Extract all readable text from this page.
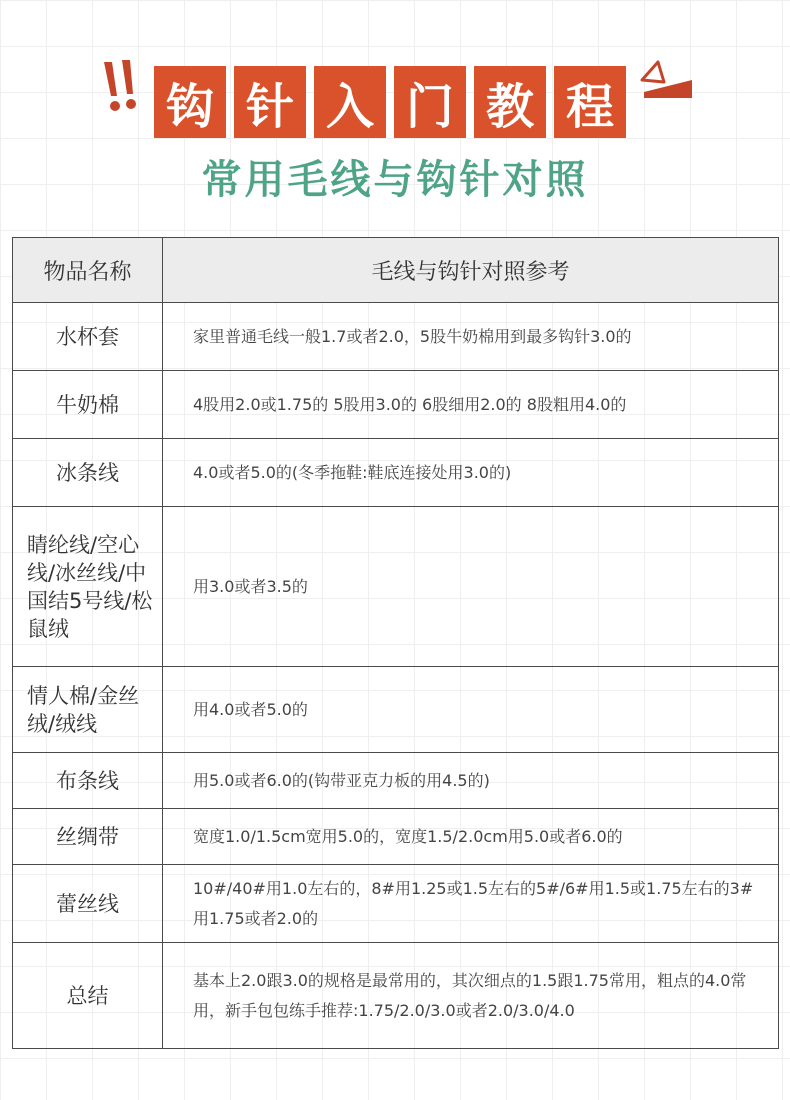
钩 针 入 门 教 程
常用毛线与钩针对照
物品名称	毛线与钩针对照参考
水杯套	家里普通毛线一般1.7或者2.0，5股牛奶棉用到最多钩针3.0的
牛奶棉	4股用2.0或1.75的 5股用3.0的 6股细用2.0的 8股粗用4.0的
冰条线	4.0或者5.0的(冬季拖鞋:鞋底连接处用3.0的)
睛纶线/空心线/冰丝线/中国结5号线/松鼠绒	用3.0或者3.5的
情人棉/金丝绒/绒线	用4.0或者5.0的
布条线	用5.0或者6.0的(钩带亚克力板的用4.5的)
丝绸带	宽度1.0/1.5cm宽用5.0的，宽度1.5/2.0cm用5.0或者6.0的
蕾丝线	10#/40#用1.0左右的，8#用1.25或1.5左右的5#/6#用1.5或1.75左右的3#用1.75或者2.0的
总结	基本上2.0跟3.0的规格是最常用的，其次细点的1.5跟1.75常用，粗点的4.0常用，新手包包练手推荐:1.75/2.0/3.0或者2.0/3.0/4.0
